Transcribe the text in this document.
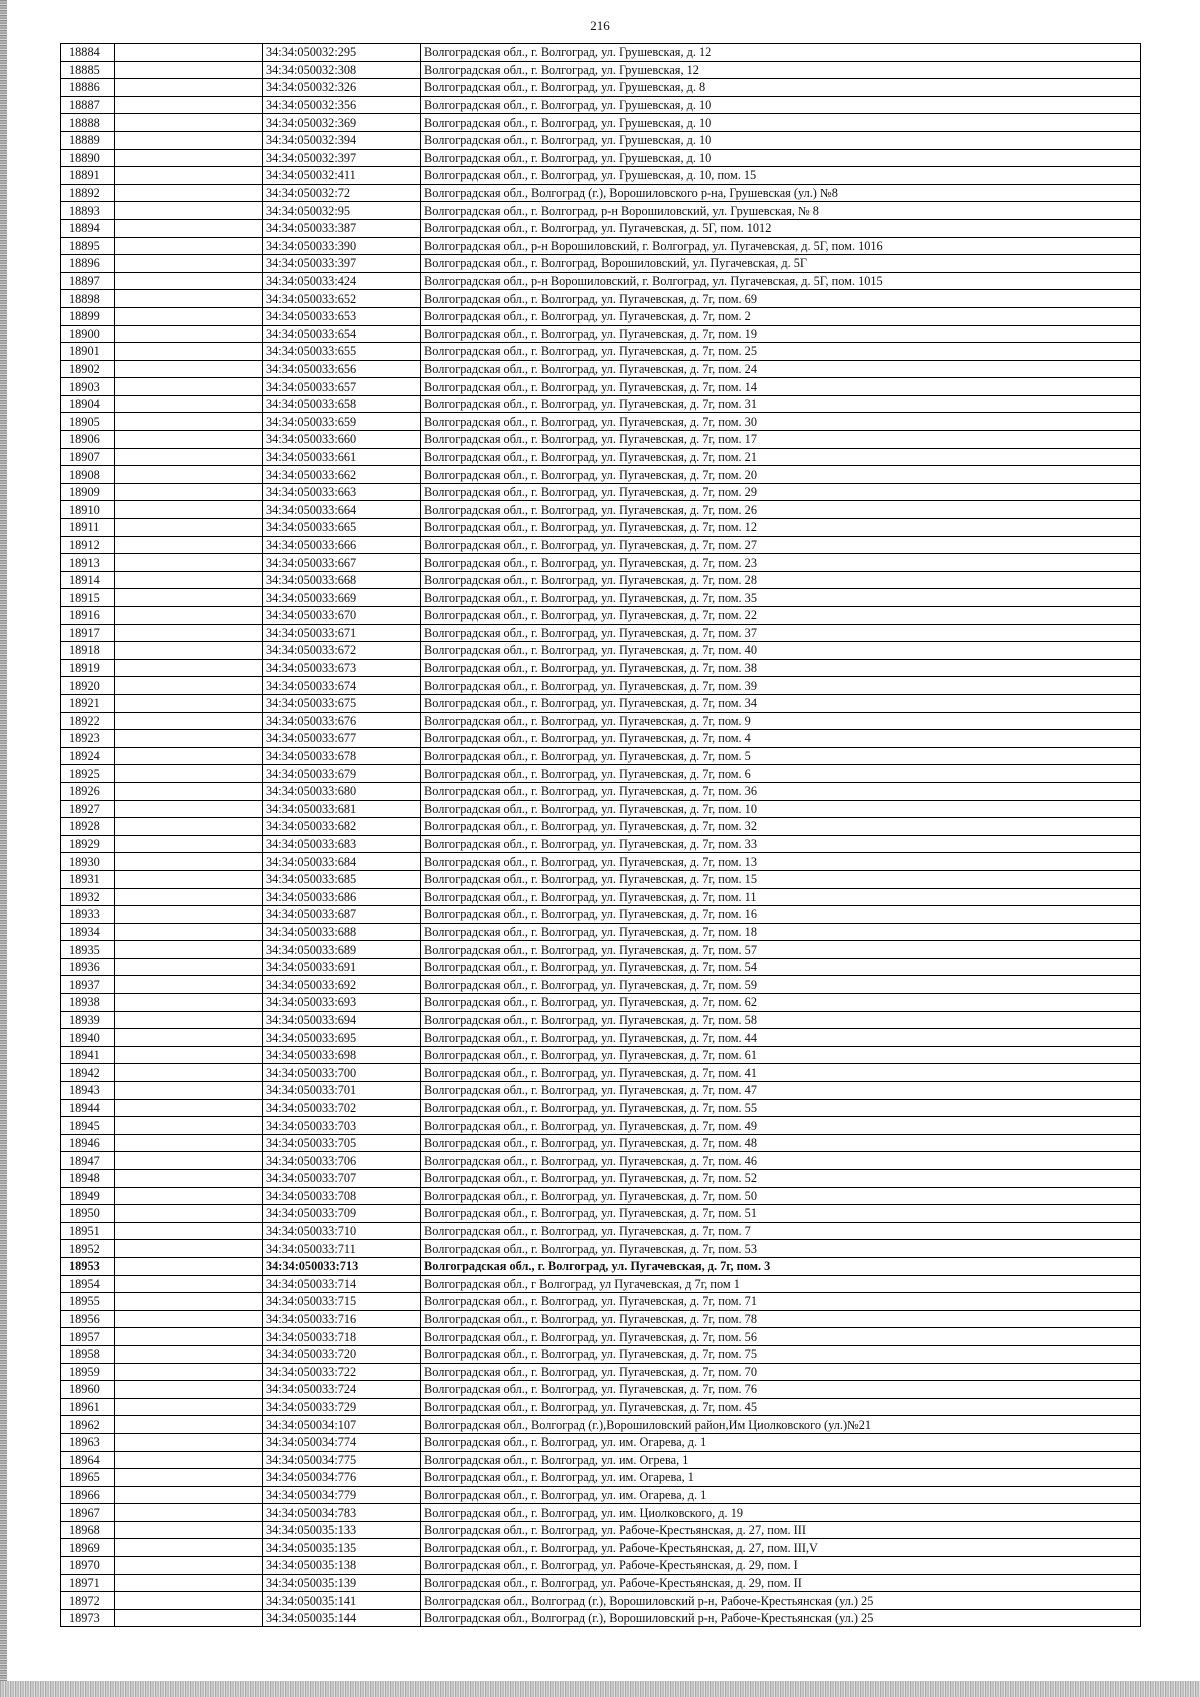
216
18884		34:34:050032:295	Волгоградская обл., г. Волгоград, ул. Грушевская, д. 12
18885		34:34:050032:308	Волгоградская обл., г. Волгоград, ул. Грушевская, 12
18886		34:34:050032:326	Волгоградская обл., г. Волгоград, ул. Грушевская, д. 8
18887		34:34:050032:356	Волгоградская обл., г. Волгоград, ул. Грушевская, д. 10
18888		34:34:050032:369	Волгоградская обл., г. Волгоград, ул. Грушевская, д. 10
18889		34:34:050032:394	Волгоградская обл., г. Волгоград, ул. Грушевская, д. 10
18890		34:34:050032:397	Волгоградская обл., г. Волгоград, ул. Грушевская, д. 10
18891		34:34:050032:411	Волгоградская обл., г. Волгоград, ул. Грушевская, д. 10, пом. 15
18892		34:34:050032:72	Волгоградская обл., Волгоград (г.), Ворошиловского р-на, Грушевская (ул.) №8
18893		34:34:050032:95	Волгоградская обл., г. Волгоград, р-н Ворошиловский, ул. Грушевская, № 8
18894		34:34:050033:387	Волгоградская обл., г. Волгоград, ул. Пугачевская, д. 5Г, пом. 1012
18895		34:34:050033:390	Волгоградская обл., р-н Ворошиловский, г. Волгоград, ул. Пугачевская, д. 5Г, пом. 1016
18896		34:34:050033:397	Волгоградская обл., г. Волгоград, Ворошиловский, ул. Пугачевская, д. 5Г
18897		34:34:050033:424	Волгоградская обл., р-н Ворошиловский, г. Волгоград, ул. Пугачевская, д. 5Г, пом. 1015
18898		34:34:050033:652	Волгоградская обл., г. Волгоград, ул. Пугачевская, д. 7г, пом. 69
18899		34:34:050033:653	Волгоградская обл., г. Волгоград, ул. Пугачевская, д. 7г, пом. 2
18900		34:34:050033:654	Волгоградская обл., г. Волгоград, ул. Пугачевская, д. 7г, пом. 19
18901		34:34:050033:655	Волгоградская обл., г. Волгоград, ул. Пугачевская, д. 7г, пом. 25
18902		34:34:050033:656	Волгоградская обл., г. Волгоград, ул. Пугачевская, д. 7г, пом. 24
18903		34:34:050033:657	Волгоградская обл., г. Волгоград, ул. Пугачевская, д. 7г, пом. 14
18904		34:34:050033:658	Волгоградская обл., г. Волгоград, ул. Пугачевская, д. 7г, пом. 31
18905		34:34:050033:659	Волгоградская обл., г. Волгоград, ул. Пугачевская, д. 7г, пом. 30
18906		34:34:050033:660	Волгоградская обл., г. Волгоград, ул. Пугачевская, д. 7г, пом. 17
18907		34:34:050033:661	Волгоградская обл., г. Волгоград, ул. Пугачевская, д. 7г, пом. 21
18908		34:34:050033:662	Волгоградская обл., г. Волгоград, ул. Пугачевская, д. 7г, пом. 20
18909		34:34:050033:663	Волгоградская обл., г. Волгоград, ул. Пугачевская, д. 7г, пом. 29
18910		34:34:050033:664	Волгоградская обл., г. Волгоград, ул. Пугачевская, д. 7г, пом. 26
18911		34:34:050033:665	Волгоградская обл., г. Волгоград, ул. Пугачевская, д. 7г, пом. 12
18912		34:34:050033:666	Волгоградская обл., г. Волгоград, ул. Пугачевская, д. 7г, пом. 27
18913		34:34:050033:667	Волгоградская обл., г. Волгоград, ул. Пугачевская, д. 7г, пом. 23
18914		34:34:050033:668	Волгоградская обл., г. Волгоград, ул. Пугачевская, д. 7г, пом. 28
18915		34:34:050033:669	Волгоградская обл., г. Волгоград, ул. Пугачевская, д. 7г, пом. 35
18916		34:34:050033:670	Волгоградская обл., г. Волгоград, ул. Пугачевская, д. 7г, пом. 22
18917		34:34:050033:671	Волгоградская обл., г. Волгоград, ул. Пугачевская, д. 7г, пом. 37
18918		34:34:050033:672	Волгоградская обл., г. Волгоград, ул. Пугачевская, д. 7г, пом. 40
18919		34:34:050033:673	Волгоградская обл., г. Волгоград, ул. Пугачевская, д. 7г, пом. 38
18920		34:34:050033:674	Волгоградская обл., г. Волгоград, ул. Пугачевская, д. 7г, пом. 39
18921		34:34:050033:675	Волгоградская обл., г. Волгоград, ул. Пугачевская, д. 7г, пом. 34
18922		34:34:050033:676	Волгоградская обл., г. Волгоград, ул. Пугачевская, д. 7г, пом. 9
18923		34:34:050033:677	Волгоградская обл., г. Волгоград, ул. Пугачевская, д. 7г, пом. 4
18924		34:34:050033:678	Волгоградская обл., г. Волгоград, ул. Пугачевская, д. 7г, пом. 5
18925		34:34:050033:679	Волгоградская обл., г. Волгоград, ул. Пугачевская, д. 7г, пом. 6
18926		34:34:050033:680	Волгоградская обл., г. Волгоград, ул. Пугачевская, д. 7г, пом. 36
18927		34:34:050033:681	Волгоградская обл., г. Волгоград, ул. Пугачевская, д. 7г, пом. 10
18928		34:34:050033:682	Волгоградская обл., г. Волгоград, ул. Пугачевская, д. 7г, пом. 32
18929		34:34:050033:683	Волгоградская обл., г. Волгоград, ул. Пугачевская, д. 7г, пом. 33
18930		34:34:050033:684	Волгоградская обл., г. Волгоград, ул. Пугачевская, д. 7г, пом. 13
18931		34:34:050033:685	Волгоградская обл., г. Волгоград, ул. Пугачевская, д. 7г, пом. 15
18932		34:34:050033:686	Волгоградская обл., г. Волгоград, ул. Пугачевская, д. 7г, пом. 11
18933		34:34:050033:687	Волгоградская обл., г. Волгоград, ул. Пугачевская, д. 7г, пом. 16
18934		34:34:050033:688	Волгоградская обл., г. Волгоград, ул. Пугачевская, д. 7г, пом. 18
18935		34:34:050033:689	Волгоградская обл., г. Волгоград, ул. Пугачевская, д. 7г, пом. 57
18936		34:34:050033:691	Волгоградская обл., г. Волгоград, ул. Пугачевская, д. 7г, пом. 54
18937		34:34:050033:692	Волгоградская обл., г. Волгоград, ул. Пугачевская, д. 7г, пом. 59
18938		34:34:050033:693	Волгоградская обл., г. Волгоград, ул. Пугачевская, д. 7г, пом. 62
18939		34:34:050033:694	Волгоградская обл., г. Волгоград, ул. Пугачевская, д. 7г, пом. 58
18940		34:34:050033:695	Волгоградская обл., г. Волгоград, ул. Пугачевская, д. 7г, пом. 44
18941		34:34:050033:698	Волгоградская обл., г. Волгоград, ул. Пугачевская, д. 7г, пом. 61
18942		34:34:050033:700	Волгоградская обл., г. Волгоград, ул. Пугачевская, д. 7г, пом. 41
18943		34:34:050033:701	Волгоградская обл., г. Волгоград, ул. Пугачевская, д. 7г, пом. 47
18944		34:34:050033:702	Волгоградская обл., г. Волгоград, ул. Пугачевская, д. 7г, пом. 55
18945		34:34:050033:703	Волгоградская обл., г. Волгоград, ул. Пугачевская, д. 7г, пом. 49
18946		34:34:050033:705	Волгоградская обл., г. Волгоград, ул. Пугачевская, д. 7г, пом. 48
18947		34:34:050033:706	Волгоградская обл., г. Волгоград, ул. Пугачевская, д. 7г, пом. 46
18948		34:34:050033:707	Волгоградская обл., г. Волгоград, ул. Пугачевская, д. 7г, пом. 52
18949		34:34:050033:708	Волгоградская обл., г. Волгоград, ул. Пугачевская, д. 7г, пом. 50
18950		34:34:050033:709	Волгоградская обл., г. Волгоград, ул. Пугачевская, д. 7г, пом. 51
18951		34:34:050033:710	Волгоградская обл., г. Волгоград, ул. Пугачевская, д. 7г, пом. 7
18952		34:34:050033:711	Волгоградская обл., г. Волгоград, ул. Пугачевская, д. 7г, пом. 53
18953		34:34:050033:713	Волгоградская обл., г. Волгоград, ул. Пугачевская, д. 7г, пом. 3
18954		34:34:050033:714	Волгоградская обл., г Волгоград, ул Пугачевская, д 7г, пом 1
18955		34:34:050033:715	Волгоградская обл., г. Волгоград, ул. Пугачевская, д. 7г, пом. 71
18956		34:34:050033:716	Волгоградская обл., г. Волгоград, ул. Пугачевская, д. 7г, пом. 78
18957		34:34:050033:718	Волгоградская обл., г. Волгоград, ул. Пугачевская, д. 7г, пом. 56
18958		34:34:050033:720	Волгоградская обл., г. Волгоград, ул. Пугачевская, д. 7г, пом. 75
18959		34:34:050033:722	Волгоградская обл., г. Волгоград, ул. Пугачевская, д. 7г, пом. 70
18960		34:34:050033:724	Волгоградская обл., г. Волгоград, ул. Пугачевская, д. 7г, пом. 76
18961		34:34:050033:729	Волгоградская обл., г. Волгоград, ул. Пугачевская, д. 7г, пом. 45
18962		34:34:050034:107	Волгоградская обл., Волгоград (г.),Ворошиловский район,Им Циолковского (ул.)№21
18963		34:34:050034:774	Волгоградская обл., г. Волгоград, ул. им. Огарева, д. 1
18964		34:34:050034:775	Волгоградская обл., г. Волгоград, ул. им. Огрева, 1
18965		34:34:050034:776	Волгоградская обл., г. Волгоград, ул. им. Огарева, 1
18966		34:34:050034:779	Волгоградская обл., г. Волгоград, ул. им. Огарева, д. 1
18967		34:34:050034:783	Волгоградская обл., г. Волгоград, ул. им. Циолковского, д. 19
18968		34:34:050035:133	Волгоградская обл., г. Волгоград, ул. Рабоче-Крестьянская, д. 27, пом. III
18969		34:34:050035:135	Волгоградская обл., г. Волгоград, ул. Рабоче-Крестьянская, д. 27, пом. III,V
18970		34:34:050035:138	Волгоградская обл., г. Волгоград, ул. Рабоче-Крестьянская, д. 29, пом. I
18971		34:34:050035:139	Волгоградская обл., г. Волгоград, ул. Рабоче-Крестьянская, д. 29, пом. II
18972		34:34:050035:141	Волгоградская обл., Волгоград (г.), Ворошиловский р-н, Рабоче-Крестьянская (ул.) 25
18973		34:34:050035:144	Волгоградская обл., Волгоград (г.), Ворошиловский р-н, Рабоче-Крестьянская (ул.) 25
